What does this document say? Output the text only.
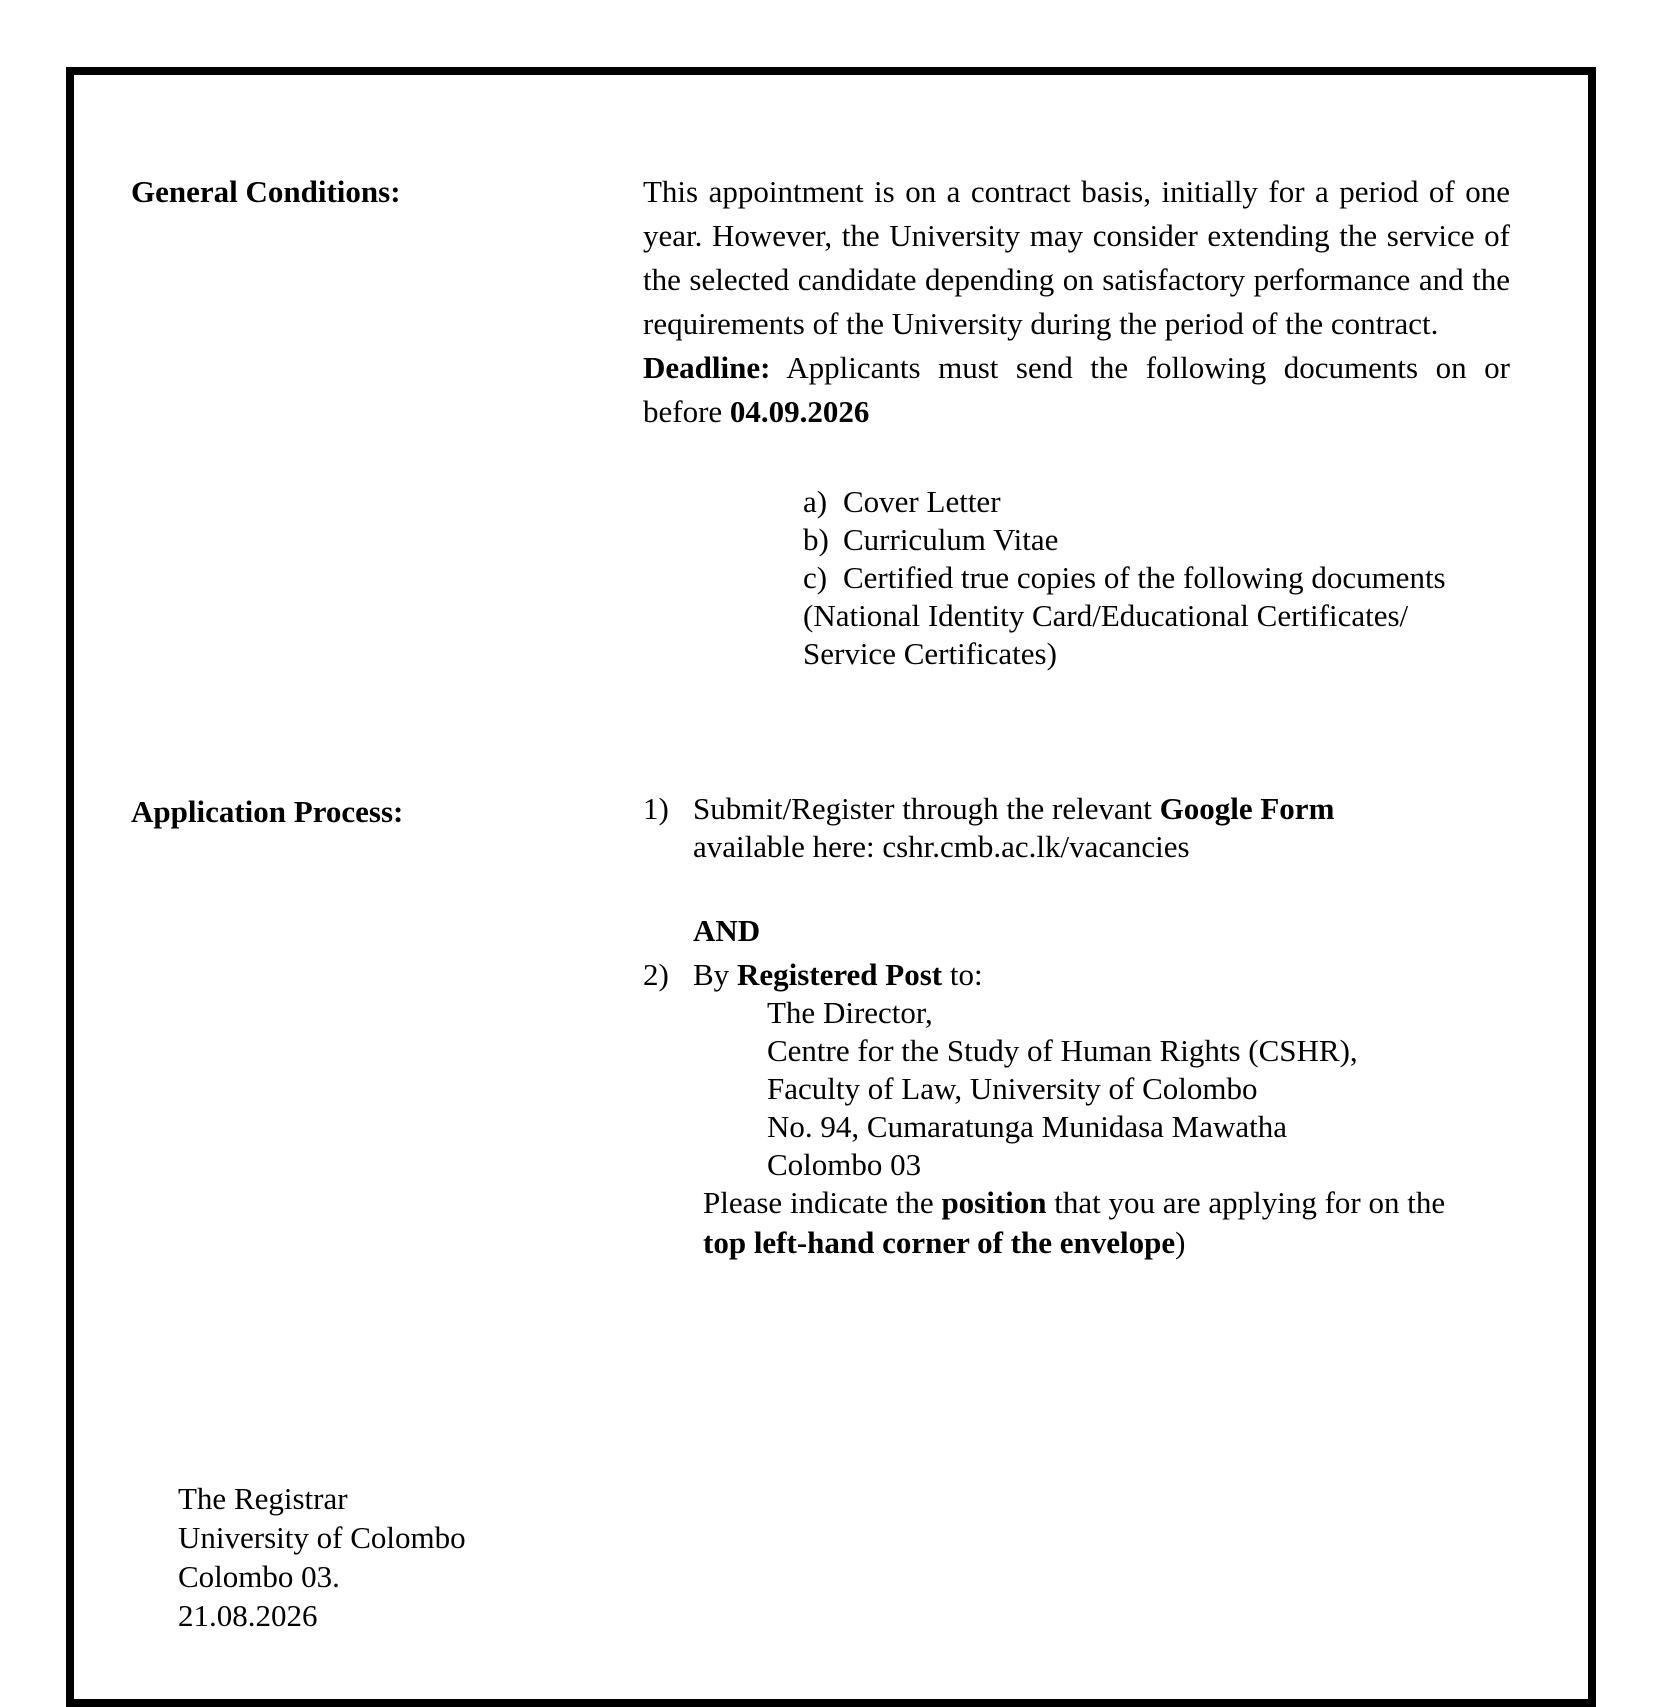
General Conditions:	This appointment is on a contract basis, initially for a period of one year. However, the University may consider extending the service of the selected candidate depending on satisfactory performance and the requirements of the University during the period of the contract.
Deadline: Applicants must send the following documents on or before 04.09.2026
a) Cover Letter
b) Curriculum Vitae
c) Certified true copies of the following documents
(National Identity Card/Educational Certificates/
Service Certificates)
Application Process:	1) Submit/Register through the relevant Google Form
available here: cshr.cmb.ac.lk/vacancies
AND
2) By Registered Post to:
The Director,
Centre for the Study of Human Rights (CSHR),
Faculty of Law, University of Colombo
No. 94, Cumaratunga Munidasa Mawatha
Colombo 03
Please indicate the position that you are applying for on the
top left-hand corner of the envelope)
The Registrar
University of Colombo
Colombo 03.
21.08.2026
